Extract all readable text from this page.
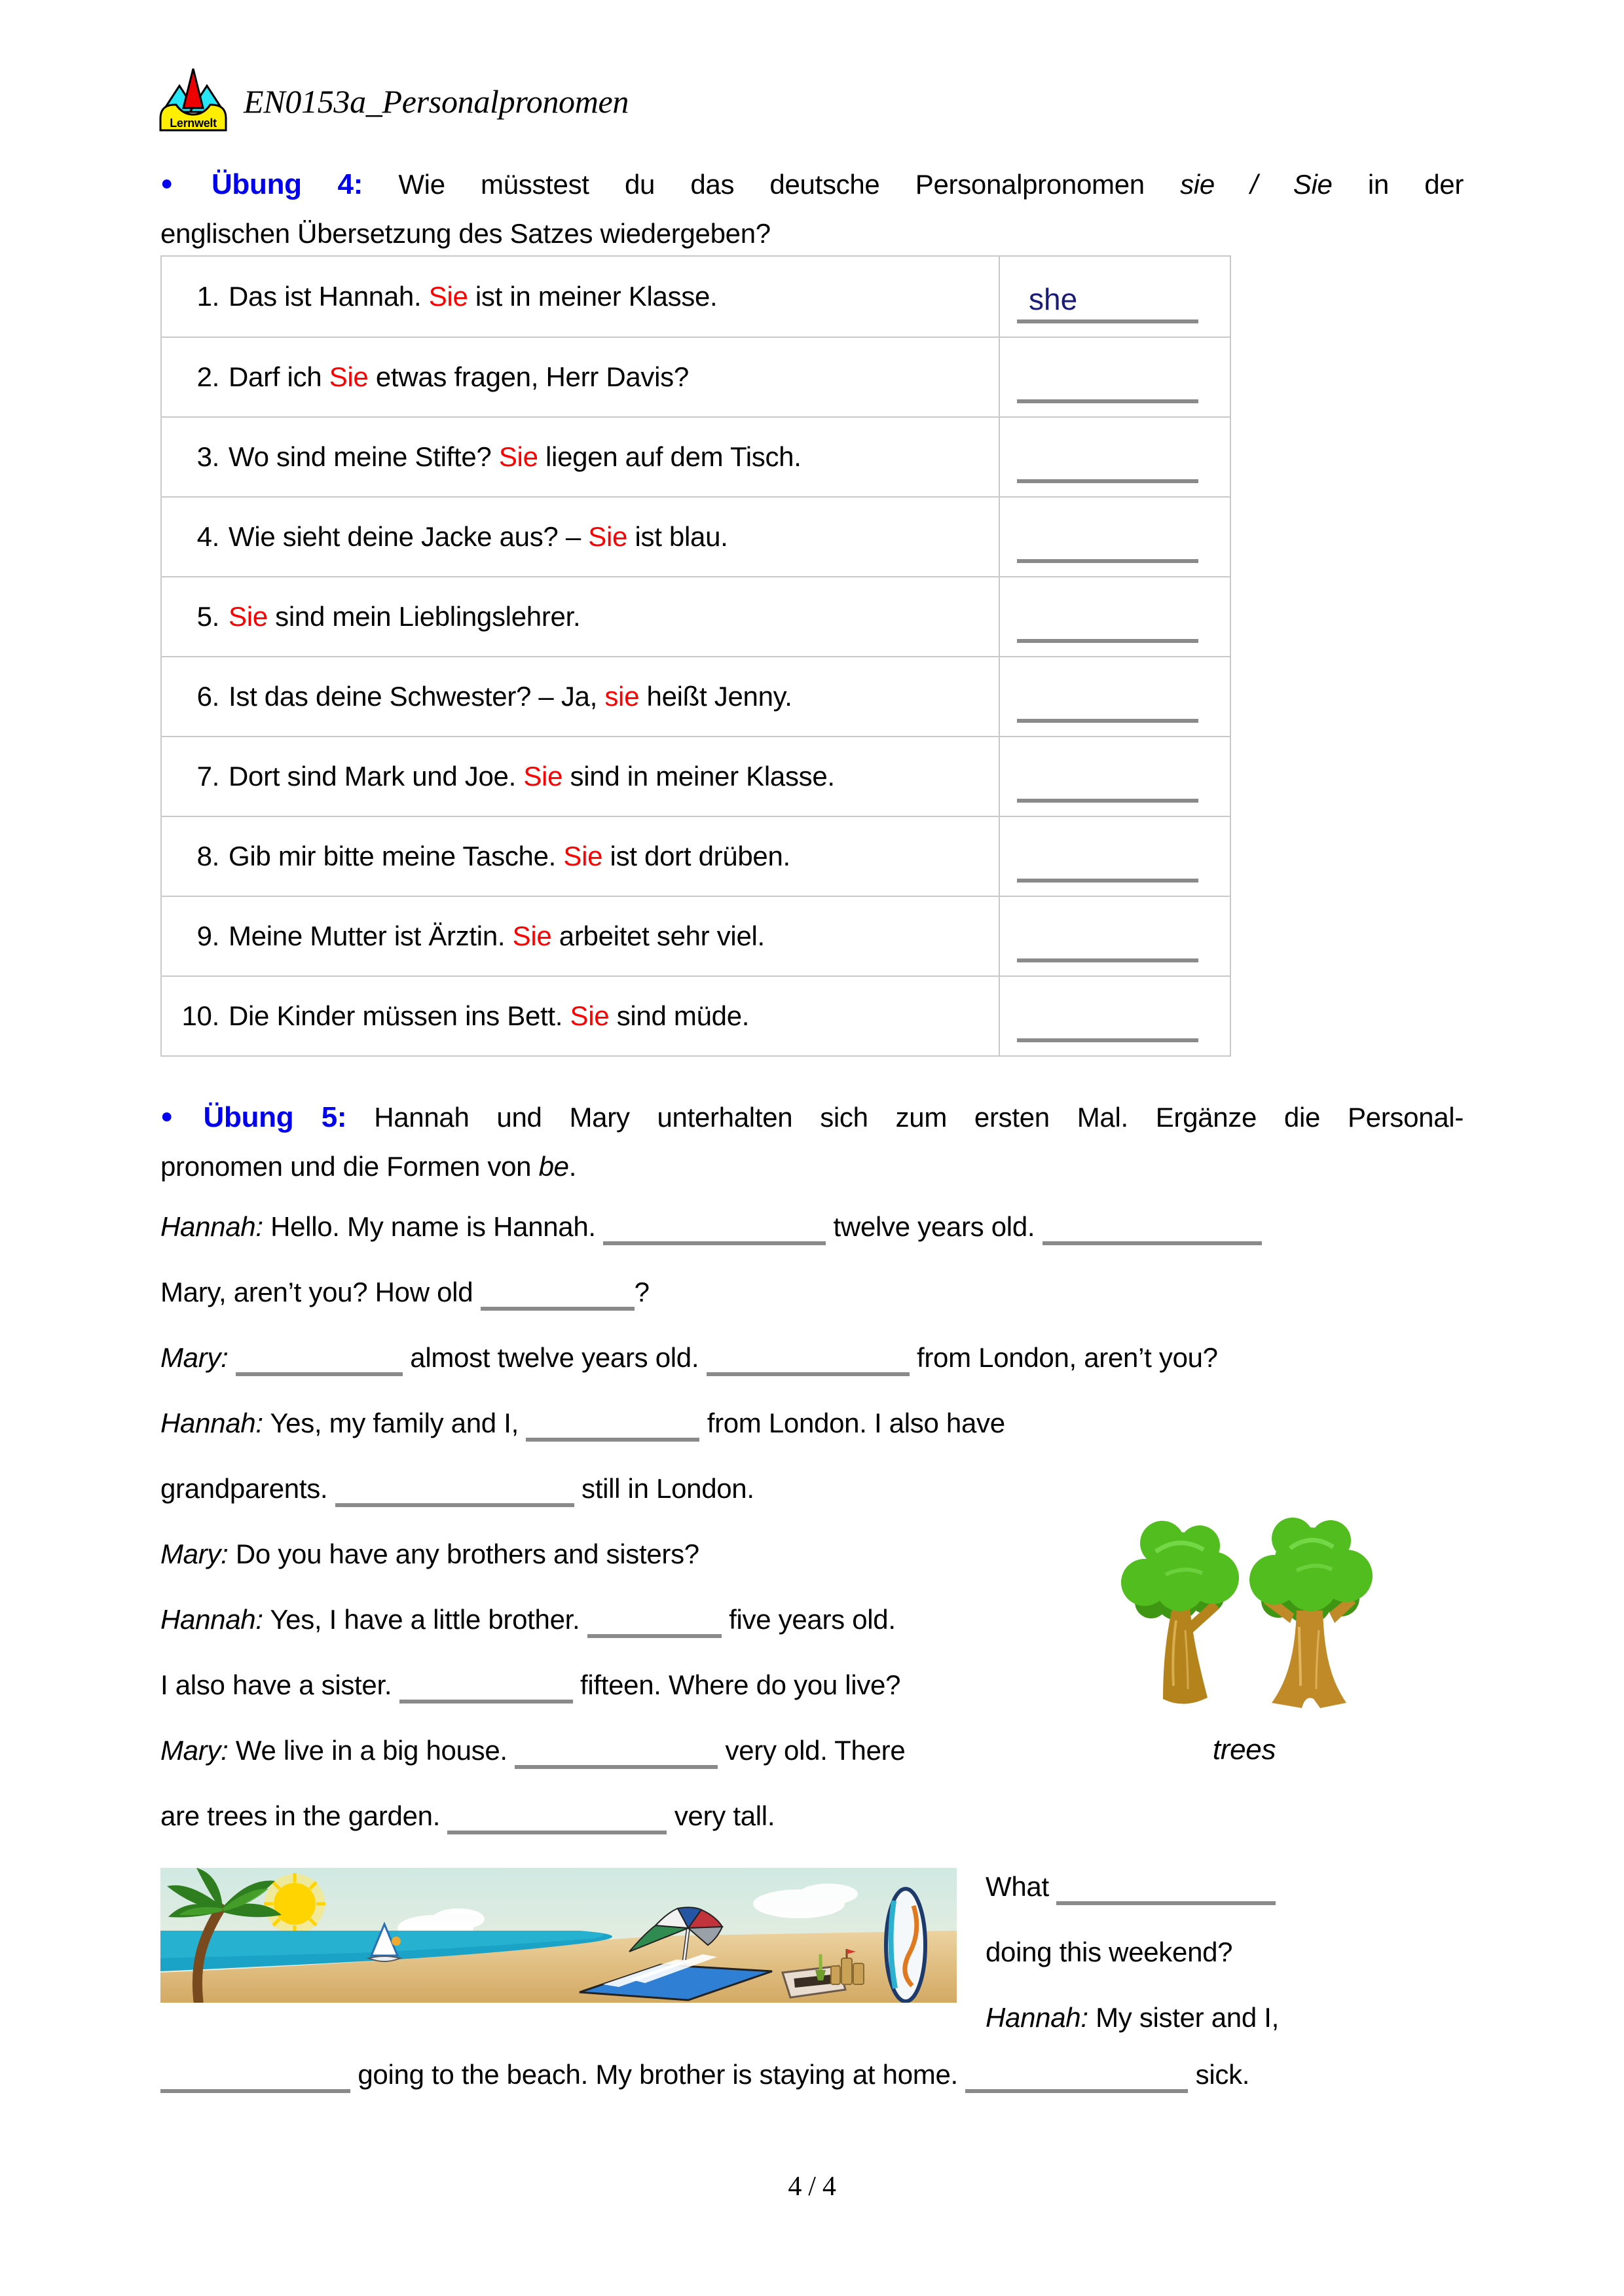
Lernwelt
EN0153a_Personalpronomen
● Übung 4: Wie müsstest du das deutsche Personalpronomen sie / Sie in der
englischen Übersetzung des Satzes wiedergeben?
1. Das ist Hannah. Sie ist in meiner Klasse.	she
2. Darf ich Sie etwas fragen, Herr Davis?
3. Wo sind meine Stifte? Sie liegen auf dem Tisch.
4. Wie sieht deine Jacke aus? – Sie ist blau.
5. Sie sind mein Lieblingslehrer.
6. Ist das deine Schwester? – Ja, sie heißt Jenny.
7. Dort sind Mark und Joe. Sie sind in meiner Klasse.
8. Gib mir bitte meine Tasche. Sie ist dort drüben.
9. Meine Mutter ist Ärztin. Sie arbeitet sehr viel.
10. Die Kinder müssen ins Bett. Sie sind müde.
● Übung 5: Hannah und Mary unterhalten sich zum ersten Mal. Ergänze die Personal-
pronomen und die Formen von be.
Hannah: Hello. My name is Hannah.	twelve years old.
Mary, aren’t you? How old	?
Mary:	almost twelve years old.	from London, aren’t you?
Hannah: Yes, my family and I,	from London. I also have
grandparents.	still in London.
Mary: Do you have any brothers and sisters?
Hannah: Yes, I have a little brother.	five years old.
I also have a sister.	fifteen. Where do you live?
Mary: We live in a big house.	very old. There
are trees in the garden.	very tall.
trees
What
doing this weekend?
Hannah: My sister and I,
going to the beach. My brother is staying at home.	sick.
4 / 4
